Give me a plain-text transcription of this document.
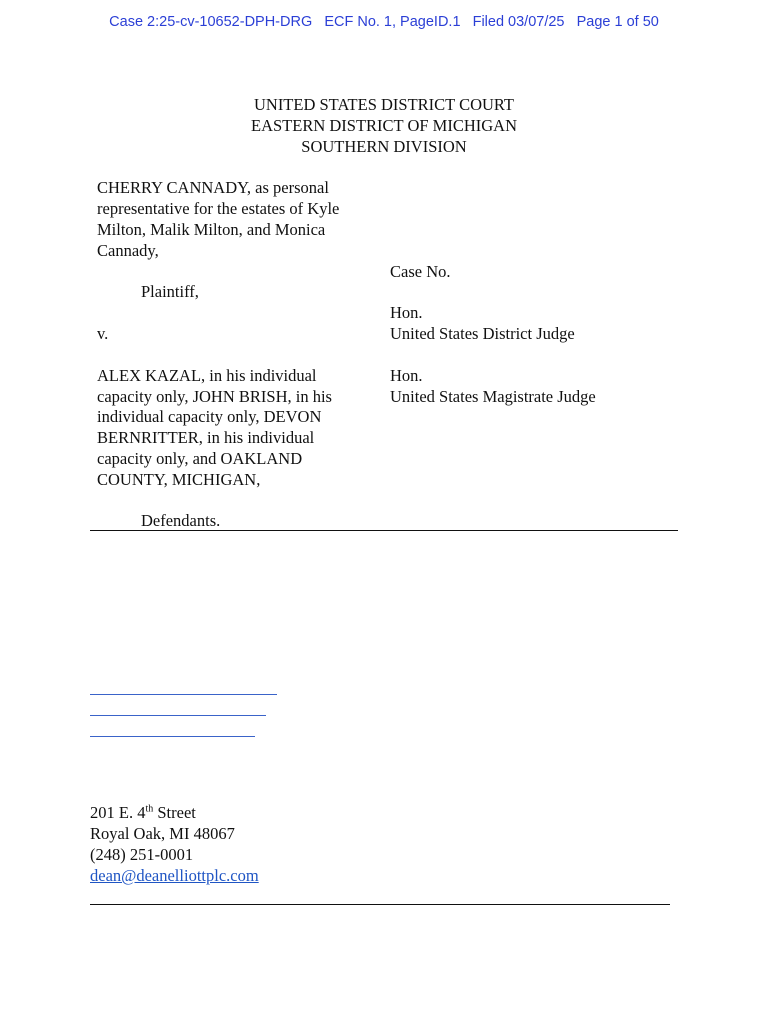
Case 2:25-cv-10652-DPH-DRG   ECF No. 1, PageID.1   Filed 03/07/25   Page 1 of 50
UNITED STATES DISTRICT COURT
EASTERN DISTRICT OF MICHIGAN
SOUTHERN DIVISION
CHERRY CANNADY, as personal
representative for the estates of Kyle
Milton, Malik Milton, and Monica
Cannady,
Plaintiff,
v.
ALEX KAZAL, in his individual
capacity only, JOHN BRISH, in his
individual capacity only, DEVON
BERNRITTER, in his individual
capacity only, and OAKLAND
COUNTY, MICHIGAN,
Defendants.
Case No.
Hon.
United States District Judge
Hon.
United States Magistrate Judge
201 E. 4th Street
Royal Oak, MI 48067
(248) 251-0001
dean@deanelliottplc.com
